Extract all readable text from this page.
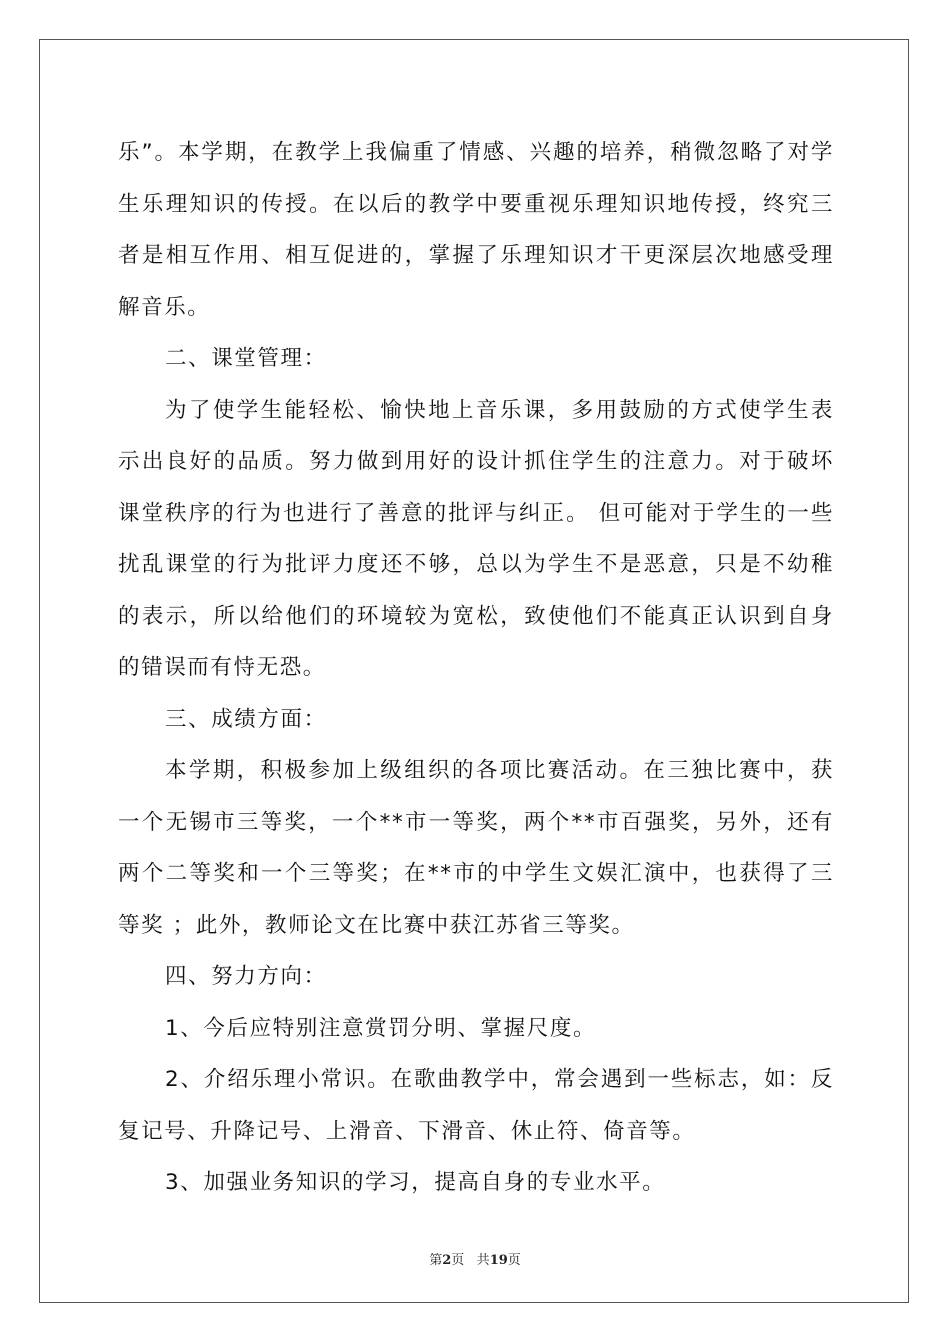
乐”。本学期，在教学上我偏重了情感、兴趣的培养，稍微忽略了对学生乐理知识的传授。在以后的教学中要重视乐理知识地传授，终究三者是相互作用、相互促进的，掌握了乐理知识才干更深层次地感受理解音乐。

二、课堂管理：

为了使学生能轻松、愉快地上音乐课，多用鼓励的方式使学生表示出良好的品质。努力做到用好的设计抓住学生的注意力。对于破坏课堂秩序的行为也进行了善意的批评与纠正。 但可能对于学生的一些扰乱课堂的行为批评力度还不够，总以为学生不是恶意，只是不幼稚的表示，所以给他们的环境较为宽松，致使他们不能真正认识到自身的错误而有恃无恐。

三、成绩方面：

本学期，积极参加上级组织的各项比赛活动。在三独比赛中，获一个无锡市三等奖，一个**市一等奖，两个**市百强奖，另外，还有两个二等奖和一个三等奖；在**市的中学生文娱汇演中，也获得了三等奖 ；此外，教师论文在比赛中获江苏省三等奖。

四、努力方向：

1、今后应特别注意赏罚分明、掌握尺度。

2、介绍乐理小常识。在歌曲教学中，常会遇到一些标志，如：反复记号、升降记号、上滑音、下滑音、休止符、倚音等。

3、加强业务知识的学习，提高自身的专业水平。

第2页 共19页
